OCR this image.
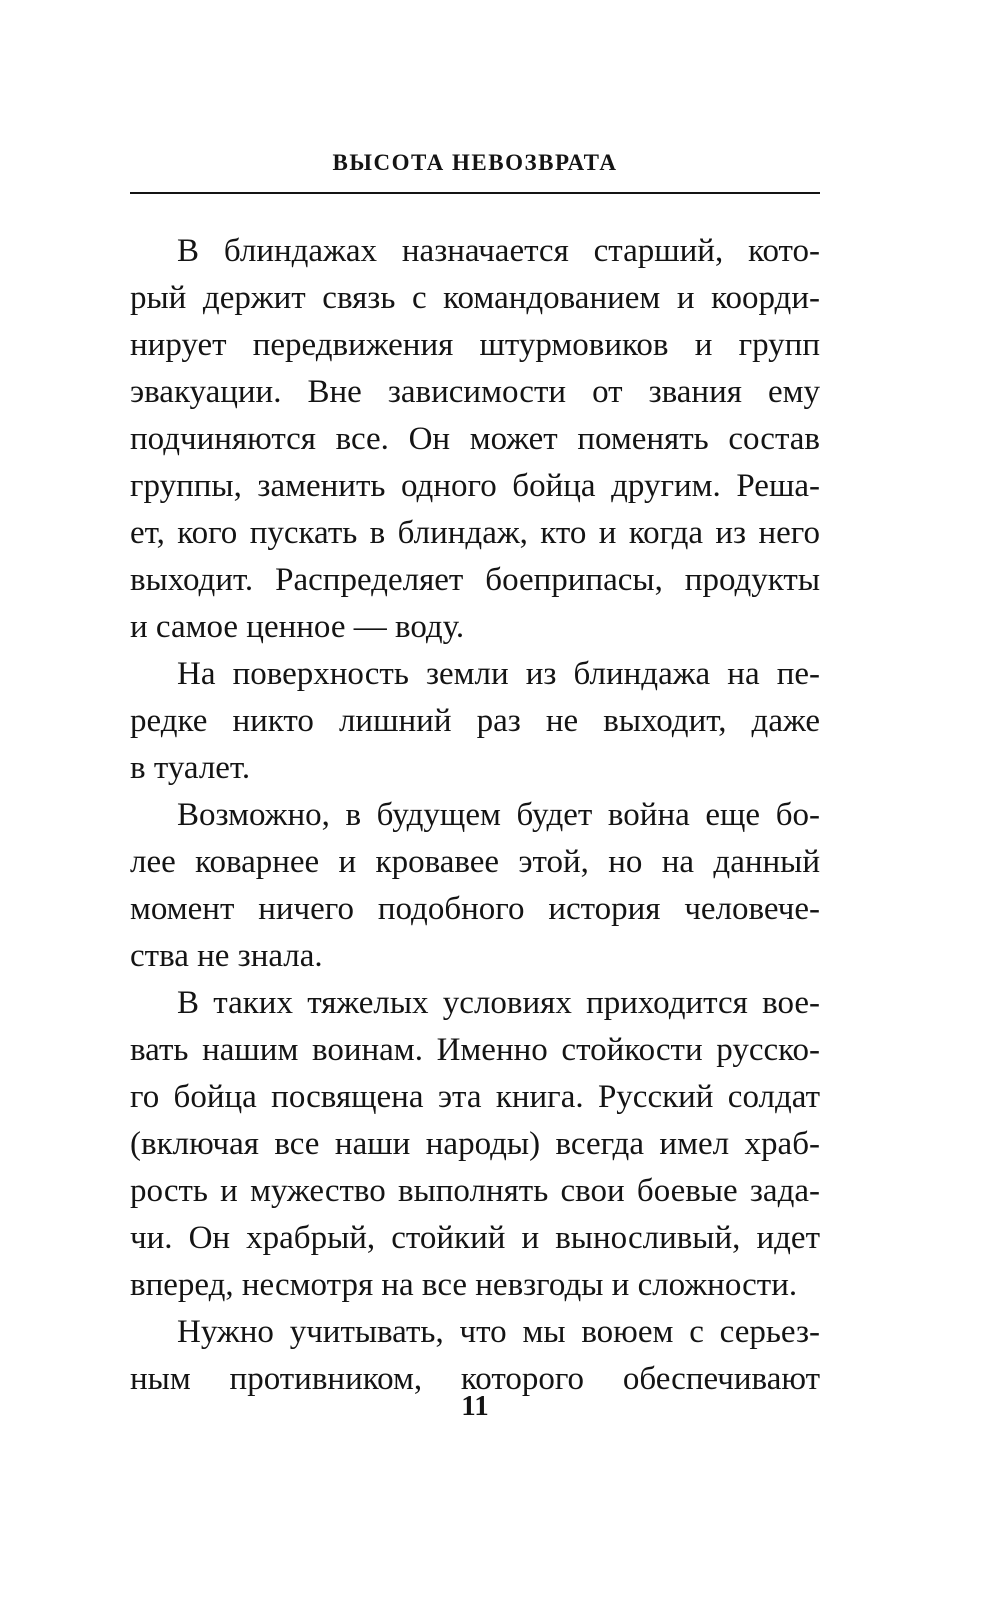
ВЫСОТА НЕВОЗВРАТА
В блиндажах назначается старший, кото-
рый держит связь с командованием и коорди-
нирует передвижения штурмовиков и групп
эвакуации. Вне зависимости от звания ему
подчиняются все. Он может поменять состав
группы, заменить одного бойца другим. Реша-
ет, кого пускать в блиндаж, кто и когда из него
выходит. Распределяет боеприпасы, продукты
и самое ценное — воду.
На поверхность земли из блиндажа на пе-
редке никто лишний раз не выходит, даже
в туалет.
Возможно, в будущем будет война еще бо-
лее коварнее и кровавее этой, но на данный
момент ничего подобного история человече-
ства не знала.
В таких тяжелых условиях приходится вое-
вать нашим воинам. Именно стойкости русско-
го бойца посвящена эта книга. Русский солдат
(включая все наши народы) всегда имел храб-
рость и мужество выполнять свои боевые зада-
чи. Он храбрый, стойкий и выносливый, идет
вперед, несмотря на все невзгоды и сложности.
Нужно учитывать, что мы воюем с серьез-
ным противником, которого обеспечивают
11
